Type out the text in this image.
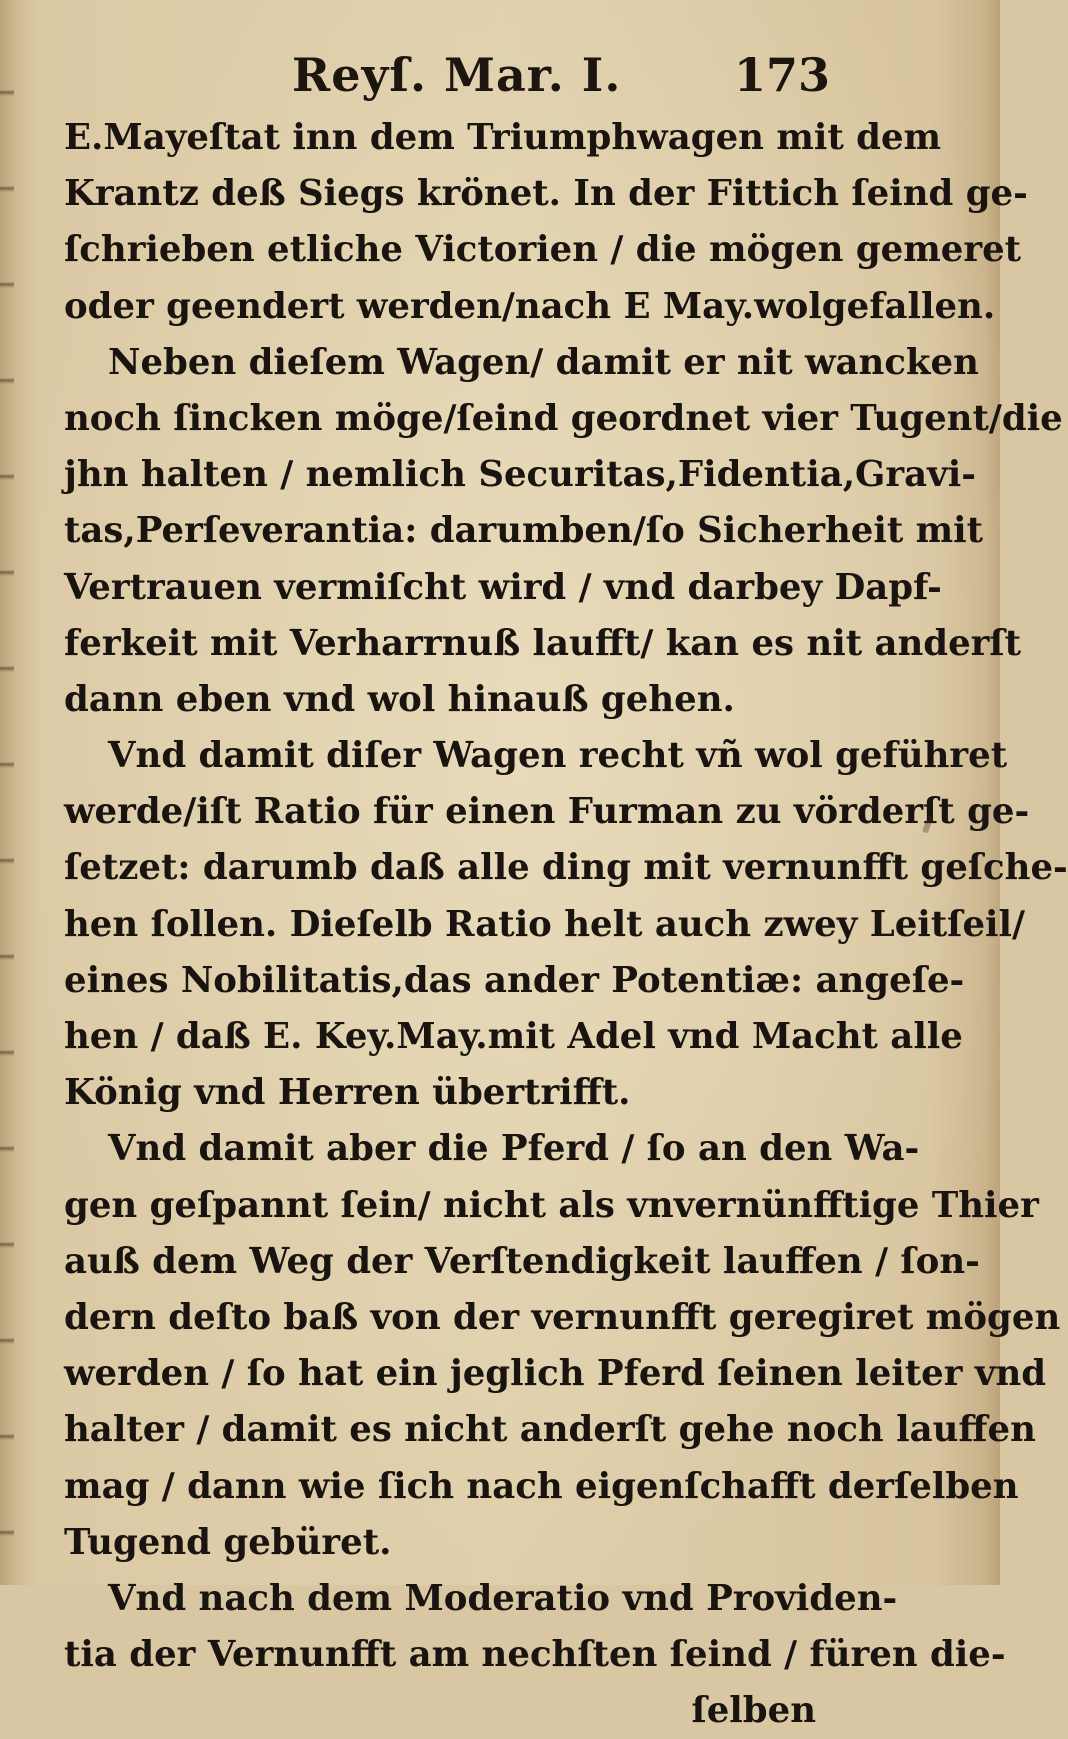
Reyſ. Mar. I. 173
E.Mayeſtat inn dem Triumphwagen mit dem
Krantz deß Siegs krönet. In der Fittich ſeind ge-
ſchrieben etliche Victorien / die mögen gemeret
oder geendert werden/nach E May.wolgefallen.
Neben dieſem Wagen/ damit er nit wancken
noch ſincken möge/ſeind geordnet vier Tugent/die
jhn halten / nemlich Securitas,Fidentia,Gravi-
tas,Perſeverantia: darumben/ſo Sicherheit mit
Vertrauen vermiſcht wird / vnd darbey Dapf-
ferkeit mit Verharrnuß laufft/ kan es nit anderſt
dann eben vnd wol hinauß gehen.
Vnd damit diſer Wagen recht vñ wol geführet
werde/iſt Ratio für einen Furman zu vörderſt ge-
ſetzet: darumb daß alle ding mit vernunfft geſche-
hen ſollen. Dieſelb Ratio helt auch zwey Leitſeil/
eines Nobilitatis,das ander Potentiæ: angeſe-
hen / daß E. Key.May.mit Adel vnd Macht alle
König vnd Herren übertrifft.
Vnd damit aber die Pferd / ſo an den Wa-
gen geſpannt ſein/ nicht als vnvernünfftige Thier
auß dem Weg der Verſtendigkeit lauffen / ſon-
dern deſto baß von der vernunfft geregiret mögen
werden / ſo hat ein jeglich Pferd ſeinen leiter vnd
halter / damit es nicht anderſt gehe noch lauffen
mag / dann wie ſich nach eigenſchafft derſelben
Tugend gebüret.
Vnd nach dem Moderatio vnd Providen-
tia der Vernunfft am nechſten ſeind / füren die-
ſelben
